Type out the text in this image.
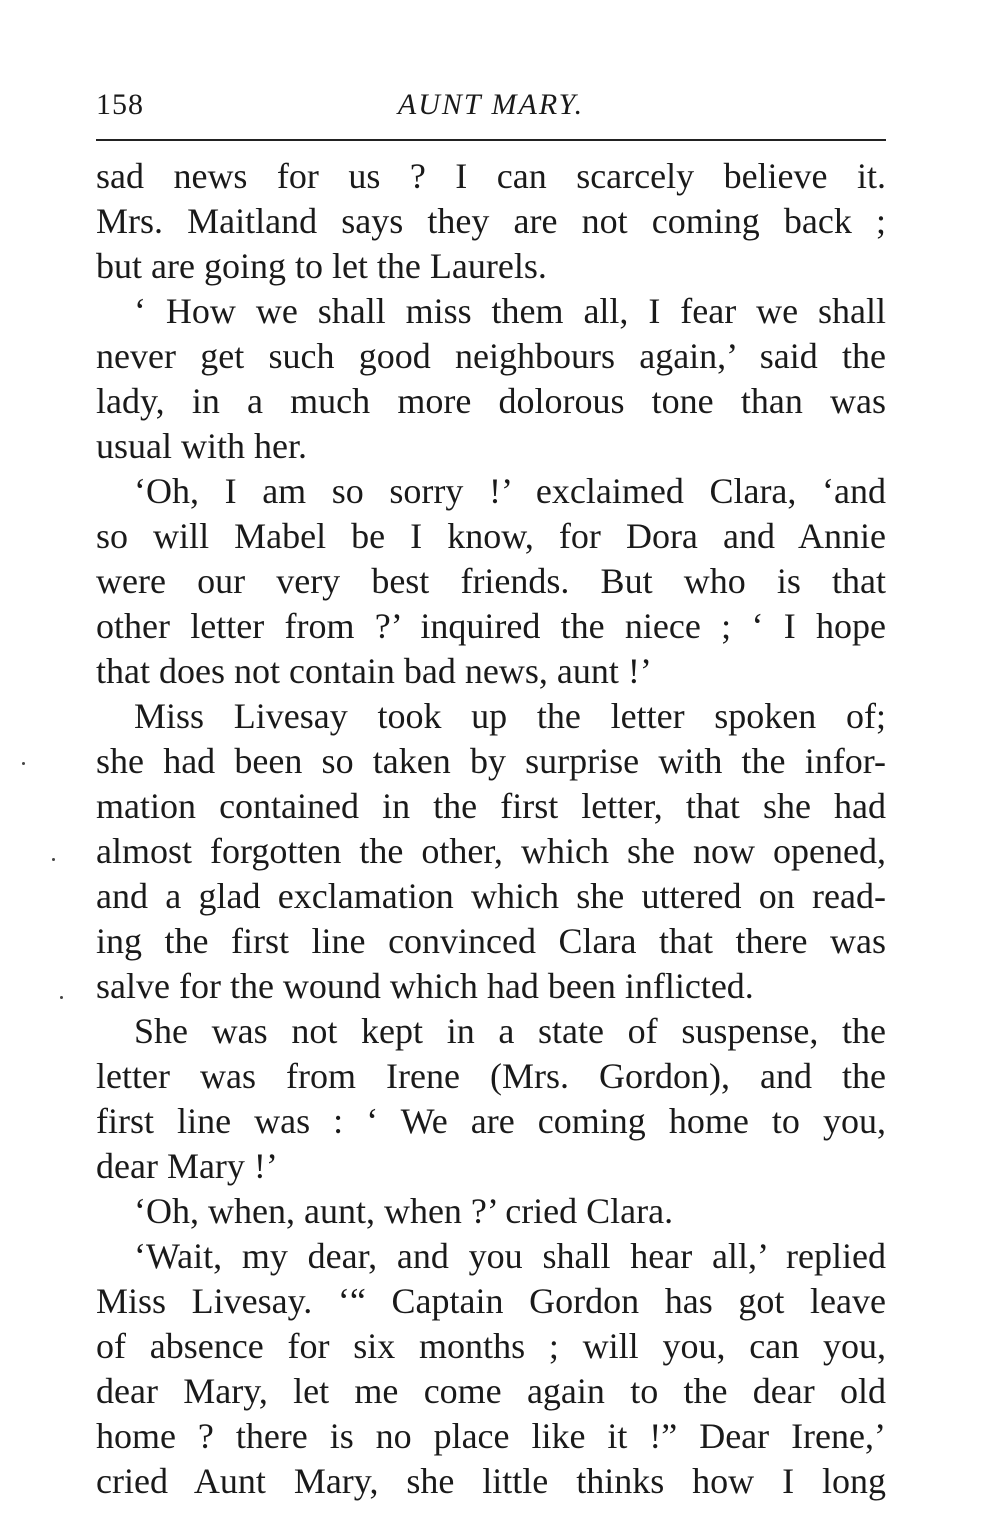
158	AUNT MARY.
sad news for us ? I can scarcely believe it.
Mrs. Maitland says they are not coming back ;
but are going to let the Laurels.
‘ How we shall miss them all, I fear we shall
never get such good neighbours again,’ said the
lady, in a much more dolorous tone than was
usual with her.
‘Oh, I am so sorry !’ exclaimed Clara, ‘and
so will Mabel be I know, for Dora and Annie
were our very best friends. But who is that
other letter from ?’ inquired the niece ; ‘ I hope
that does not contain bad news, aunt !’
Miss Livesay took up the letter spoken of;
she had been so taken by surprise with the infor-
mation contained in the first letter, that she had
almost forgotten the other, which she now opened,
and a glad exclamation which she uttered on read-
ing the first line convinced Clara that there was
salve for the wound which had been inflicted.
She was not kept in a state of suspense, the
letter was from Irene (Mrs. Gordon), and the
first line was : ‘ We are coming home to you,
dear Mary !’
‘Oh, when, aunt, when ?’ cried Clara.
‘Wait, my dear, and you shall hear all,’ replied
Miss Livesay. ‘“ Captain Gordon has got leave
of absence for six months ; will you, can you,
dear Mary, let me come again to the dear old
home ? there is no place like it !” Dear Irene,’
cried Aunt Mary, she little thinks how I long
